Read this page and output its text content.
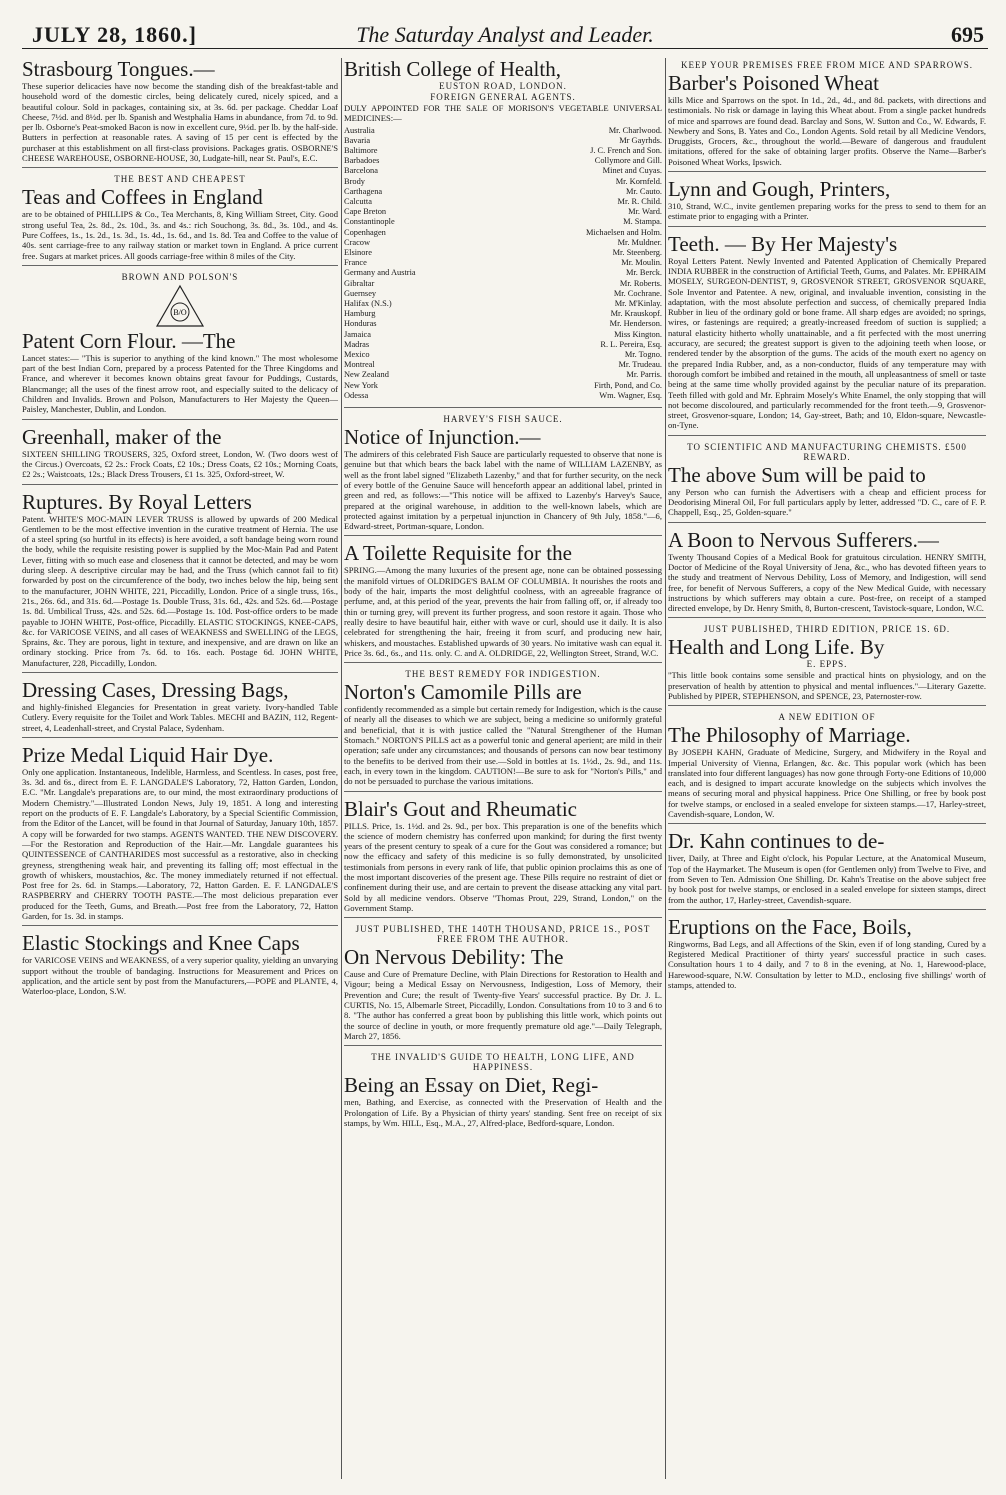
JULY 28, 1860.]	The Saturday Analyst and Leader.	695
Strasbourg Tongues.—
These superior delicacies have now become the standing dish of the breakfast-table and household word of the domestic circles, being delicately cured, nicely spiced, and a beautiful colour. Sold in packages, containing six, at 3s. 6d. per package. Cheddar Loaf Cheese, 7½d. and 8½d. per lb. Spanish and Westphalia Hams in abundance, from 7d. to 9d. per lb. Osborne's Peat-smoked Bacon is now in excellent cure, 9½d. per lb. by the half-side. Butters in perfection at reasonable rates. A saving of 15 per cent is effected by the purchaser at this establishment on all first-class provisions. Packages gratis. OSBORNE'S CHEESE WAREHOUSE, OSBORNE-HOUSE, 30, Ludgate-hill, near St. Paul's, E.C.
THE BEST AND CHEAPEST
Teas and Coffees in England
are to be obtained of PHILLIPS & Co., Tea Merchants, 8, King William Street, City. Good strong useful Tea, 2s. 8d., 2s. 10d., 3s. and 4s.: rich Souchong, 3s. 8d., 3s. 10d., and 4s. Pure Coffees, 1s., 1s. 2d., 1s. 3d., 1s. 4d., 1s. 6d., and 1s. 8d. Tea and Coffee to the value of 40s. sent carriage-free to any railway station or market town in England. A price current free. Sugars at market prices. All goods carriage-free within 8 miles of the City.
BROWN AND POLSON'S
B/O
Patent Corn Flour. —The
Lancet states:— "This is superior to anything of the kind known." The most wholesome part of the best Indian Corn, prepared by a process Patented for the Three Kingdoms and France, and wherever it becomes known obtains great favour for Puddings, Custards, Blancmange; all the uses of the finest arrow root, and especially suited to the delicacy of Children and Invalids. Brown and Polson, Manufacturers to Her Majesty the Queen—Paisley, Manchester, Dublin, and London.
Greenhall, maker of the
SIXTEEN SHILLING TROUSERS, 325, Oxford street, London, W. (Two doors west of the Circus.) Overcoats, £2 2s.: Frock Coats, £2 10s.; Dress Coats, £2 10s.; Morning Coats, £2 2s.; Waistcoats, 12s.; Black Dress Trousers, £1 1s. 325, Oxford-street, W.
Ruptures. By Royal Letters
Patent. WHITE'S MOC-MAIN LEVER TRUSS is allowed by upwards of 200 Medical Gentlemen to be the most effective invention in the curative treatment of Hernia. The use of a steel spring (so hurtful in its effects) is here avoided, a soft bandage being worn round the body, while the requisite resisting power is supplied by the Moc-Main Pad and Patent Lever, fitting with so much ease and closeness that it cannot be detected, and may be worn during sleep. A descriptive circular may be had, and the Truss (which cannot fail to fit) forwarded by post on the circumference of the body, two inches below the hip, being sent to the manufacturer, JOHN WHITE, 221, Piccadilly, London. Price of a single truss, 16s., 21s., 26s. 6d., and 31s. 6d.—Postage 1s. Double Truss, 31s. 6d., 42s. and 52s. 6d.—Postage 1s. 8d. Umbilical Truss, 42s. and 52s. 6d.—Postage 1s. 10d. Post-office orders to be made payable to JOHN WHITE, Post-office, Piccadilly. ELASTIC STOCKINGS, KNEE-CAPS, &c. for VARICOSE VEINS, and all cases of WEAKNESS and SWELLING of the LEGS, Sprains, &c. They are porous, light in texture, and inexpensive, and are drawn on like an ordinary stocking. Price from 7s. 6d. to 16s. each. Postage 6d. JOHN WHITE, Manufacturer, 228, Piccadilly, London.
Dressing Cases, Dressing Bags,
and highly-finished Elegancies for Presentation in great variety. Ivory-handled Table Cutlery. Every requisite for the Toilet and Work Tables. MECHI and BAZIN, 112, Regent-street, 4, Leadenhall-street, and Crystal Palace, Sydenham.
Prize Medal Liquid Hair Dye.
Only one application. Instantaneous, Indelible, Harmless, and Scentless. In cases, post free, 3s. 3d. and 6s., direct from E. F. LANGDALE'S Laboratory, 72, Hatton Garden, London, E.C. "Mr. Langdale's preparations are, to our mind, the most extraordinary productions of Modern Chemistry."—Illustrated London News, July 19, 1851. A long and interesting report on the products of E. F. Langdale's Laboratory, by a Special Scientific Commission, from the Editor of the Lancet, will be found in that Journal of Saturday, January 10th, 1857. A copy will be forwarded for two stamps. AGENTS WANTED. THE NEW DISCOVERY.—For the Restoration and Reproduction of the Hair.—Mr. Langdale guarantees his QUINTESSENCE of CANTHARIDES most successful as a restorative, also in checking greyness, strengthening weak hair, and preventing its falling off; most effectual in the growth of whiskers, moustachios, &c. The money immediately returned if not effectual. Post free for 2s. 6d. in Stamps.—Laboratory, 72, Hatton Garden. E. F. LANGDALE'S RASPBERRY and CHERRY TOOTH PASTE.—The most delicious preparation ever produced for the Teeth, Gums, and Breath.—Post free from the Laboratory, 72, Hatton Garden, for 1s. 3d. in stamps.
Elastic Stockings and Knee Caps
for VARICOSE VEINS and WEAKNESS, of a very superior quality, yielding an unvarying support without the trouble of bandaging. Instructions for Measurement and Prices on application, and the article sent by post from the Manufacturers,—POPE and PLANTE, 4, Waterloo-place, London, S.W.
British College of Health,
EUSTON ROAD, LONDON.
FOREIGN GENERAL AGENTS.
DULY APPOINTED FOR THE SALE OF MORISON'S VEGETABLE UNIVERSAL MEDICINES:—
Australia	Mr. Charlwood.
Bavaria	Mr Gayrhds.
Baltimore	J. C. French and Son.
Barbadoes	Collymore and Gill.
Barcelona	Minet and Cuyas.
Brody	Mr. Kornfeld.
Carthagena	Mr. Cauto.
Calcutta	Mr. R. Child.
Cape Breton	Mr. Ward.
Constantinople	M. Stampa.
Copenhagen	Michaelsen and Holm.
Cracow	Mr. Muldner.
Elsinore	Mr. Steenberg.
France	Mr. Moulin.
Germany and Austria	Mr. Berck.
Gibraltar	Mr. Roberts.
Guernsey	Mr. Cochrane.
Halifax (N.S.)	Mr. M'Kinlay.
Hamburg	Mr. Krauskopf.
Honduras	Mr. Henderson.
Jamaica	Miss Kington.
Madras	R. L. Pereira, Esq.
Mexico	Mr. Togno.
Montreal	Mr. Trudeau.
New Zealand	Mr. Parris.
New York	Firth, Pond, and Co.
Odessa	Wm. Wagner, Esq.
HARVEY'S FISH SAUCE.
Notice of Injunction.—
The admirers of this celebrated Fish Sauce are particularly requested to observe that none is genuine but that which bears the back label with the name of WILLIAM LAZENBY, as well as the front label signed "Elizabeth Lazenby," and that for further security, on the neck of every bottle of the Genuine Sauce will henceforth appear an additional label, printed in green and red, as follows:—"This notice will be affixed to Lazenby's Harvey's Sauce, prepared at the original warehouse, in addition to the well-known labels, which are protected against imitation by a perpetual injunction in Chancery of 9th July, 1858."—6, Edward-street, Portman-square, London.
A Toilette Requisite for the
SPRING.—Among the many luxuries of the present age, none can be obtained possessing the manifold virtues of OLDRIDGE'S BALM OF COLUMBIA. It nourishes the roots and body of the hair, imparts the most delightful coolness, with an agreeable fragrance of perfume, and, at this period of the year, prevents the hair from falling off, or, if already too thin or turning grey, will prevent its further progress, and soon restore it again. Those who really desire to have beautiful hair, either with wave or curl, should use it daily. It is also celebrated for strengthening the hair, freeing it from scurf, and producing new hair, whiskers, and moustaches. Established upwards of 30 years. No imitative wash can equal it. Price 3s. 6d., 6s., and 11s. only. C. and A. OLDRIDGE, 22, Wellington Street, Strand, W.C.
THE BEST REMEDY FOR INDIGESTION.
Norton's Camomile Pills are
confidently recommended as a simple but certain remedy for Indigestion, which is the cause of nearly all the diseases to which we are subject, being a medicine so uniformly grateful and beneficial, that it is with justice called the "Natural Strengthener of the Human Stomach." NORTON'S PILLS act as a powerful tonic and general aperient; are mild in their operation; safe under any circumstances; and thousands of persons can now bear testimony to the benefits to be derived from their use.—Sold in bottles at 1s. 1½d., 2s. 9d., and 11s. each, in every town in the kingdom. CAUTION!—Be sure to ask for "Norton's Pills," and do not be persuaded to purchase the various imitations.
Blair's Gout and Rheumatic
PILLS. Price, 1s. 1½d. and 2s. 9d., per box. This preparation is one of the benefits which the science of modern chemistry has conferred upon mankind; for during the first twenty years of the present century to speak of a cure for the Gout was considered a romance; but now the efficacy and safety of this medicine is so fully demonstrated, by unsolicited testimonials from persons in every rank of life, that public opinion proclaims this as one of the most important discoveries of the present age. These Pills require no restraint of diet or confinement during their use, and are certain to prevent the disease attacking any vital part. Sold by all medicine vendors. Observe "Thomas Prout, 229, Strand, London," on the Government Stamp.
JUST PUBLISHED, THE 140TH THOUSAND, PRICE 1S., POST FREE FROM THE AUTHOR.
On Nervous Debility: The
Cause and Cure of Premature Decline, with Plain Directions for Restoration to Health and Vigour; being a Medical Essay on Nervousness, Indigestion, Loss of Memory, their Prevention and Cure; the result of Twenty-five Years' successful practice. By Dr. J. L. CURTIS, No. 15, Albemarle Street, Piccadilly, London. Consultations from 10 to 3 and 6 to 8. "The author has conferred a great boon by publishing this little work, which points out the source of decline in youth, or more frequently premature old age."—Daily Telegraph, March 27, 1856.
THE INVALID'S GUIDE TO HEALTH, LONG LIFE, AND HAPPINESS.
Being an Essay on Diet, Regi-
men, Bathing, and Exercise, as connected with the Preservation of Health and the Prolongation of Life. By a Physician of thirty years' standing. Sent free on receipt of six stamps, by Wm. HILL, Esq., M.A., 27, Alfred-place, Bedford-square, London.
KEEP YOUR PREMISES FREE FROM MICE AND SPARROWS.
Barber's Poisoned Wheat
kills Mice and Sparrows on the spot. In 1d., 2d., 4d., and 8d. packets, with directions and testimonials. No risk or damage in laying this Wheat about. From a single packet hundreds of mice and sparrows are found dead. Barclay and Sons, W. Sutton and Co., W. Edwards, F. Newbery and Sons, B. Yates and Co., London Agents. Sold retail by all Medicine Vendors, Druggists, Grocers, &c., throughout the world.—Beware of dangerous and fraudulent imitations, offered for the sake of obtaining larger profits. Observe the Name—Barber's Poisoned Wheat Works, Ipswich.
Lynn and Gough, Printers,
310, Strand, W.C., invite gentlemen preparing works for the press to send to them for an estimate prior to engaging with a Printer.
Teeth. — By Her Majesty's
Royal Letters Patent. Newly Invented and Patented Application of Chemically Prepared INDIA RUBBER in the construction of Artificial Teeth, Gums, and Palates. Mr. EPHRAIM MOSELY, SURGEON-DENTIST, 9, GROSVENOR STREET, GROSVENOR SQUARE, Sole Inventor and Patentee. A new, original, and invaluable invention, consisting in the adaptation, with the most absolute perfection and success, of chemically prepared India Rubber in lieu of the ordinary gold or bone frame. All sharp edges are avoided; no springs, wires, or fastenings are required; a greatly-increased freedom of suction is supplied; a natural elasticity hitherto wholly unattainable, and a fit perfected with the most unerring accuracy, are secured; the greatest support is given to the adjoining teeth when loose, or rendered tender by the absorption of the gums. The acids of the mouth exert no agency on the prepared India Rubber, and, as a non-conductor, fluids of any temperature may with thorough comfort be imbibed and retained in the mouth, all unpleasantness of smell or taste being at the same time wholly provided against by the peculiar nature of its preparation. Teeth filled with gold and Mr. Ephraim Mosely's White Enamel, the only stopping that will not become discoloured, and particularly recommended for the front teeth.—9, Grosvenor-street, Grosvenor-square, London; 14, Gay-street, Bath; and 10, Eldon-square, Newcastle-on-Tyne.
TO SCIENTIFIC AND MANUFACTURING CHEMISTS. £500 REWARD.
The above Sum will be paid to
any Person who can furnish the Advertisers with a cheap and efficient process for Deodorising Mineral Oil, For full particulars apply by letter, addressed "D. C., care of F. P. Chappell, Esq., 25, Golden-square."
A Boon to Nervous Sufferers.—
Twenty Thousand Copies of a Medical Book for gratuitous circulation. HENRY SMITH, Doctor of Medicine of the Royal University of Jena, &c., who has devoted fifteen years to the study and treatment of Nervous Debility, Loss of Memory, and Indigestion, will send free, for benefit of Nervous Sufferers, a copy of the New Medical Guide, with necessary instructions by which sufferers may obtain a cure. Post-free, on receipt of a stamped directed envelope, by Dr. Henry Smith, 8, Burton-crescent, Tavistock-square, London, W.C.
JUST PUBLISHED, THIRD EDITION, PRICE 1S. 6D.
Health and Long Life. By
E. EPPS.
"This little book contains some sensible and practical hints on physiology, and on the preservation of health by attention to physical and mental influences."—Literary Gazette. Published by PIPER, STEPHENSON, and SPENCE, 23, Paternoster-row.
A NEW EDITION OF
The Philosophy of Marriage.
By JOSEPH KAHN, Graduate of Medicine, Surgery, and Midwifery in the Royal and Imperial University of Vienna, Erlangen, &c. &c. This popular work (which has been translated into four different languages) has now gone through Forty-one Editions of 10,000 each, and is designed to impart accurate knowledge on the subjects which involves the means of securing moral and physical happiness. Price One Shilling, or free by book post for twelve stamps, or enclosed in a sealed envelope for sixteen stamps.—17, Harley-street, Cavendish-square, London, W.
Dr. Kahn continues to de-
liver, Daily, at Three and Eight o'clock, his Popular Lecture, at the Anatomical Museum, Top of the Haymarket. The Museum is open (for Gentlemen only) from Twelve to Five, and from Seven to Ten. Admission One Shilling. Dr. Kahn's Treatise on the above subject free by book post for twelve stamps, or enclosed in a sealed envelope for sixteen stamps, direct from the author, 17, Harley-street, Cavendish-square.
Eruptions on the Face, Boils,
Ringworms, Bad Legs, and all Affections of the Skin, even if of long standing, Cured by a Registered Medical Practitioner of thirty years' successful practice in such cases. Consultation hours 1 to 4 daily, and 7 to 8 in the evening, at No. 1, Harewood-place, Harewood-square, N.W. Consultation by letter to M.D., enclosing five shillings' worth of stamps, attended to.
